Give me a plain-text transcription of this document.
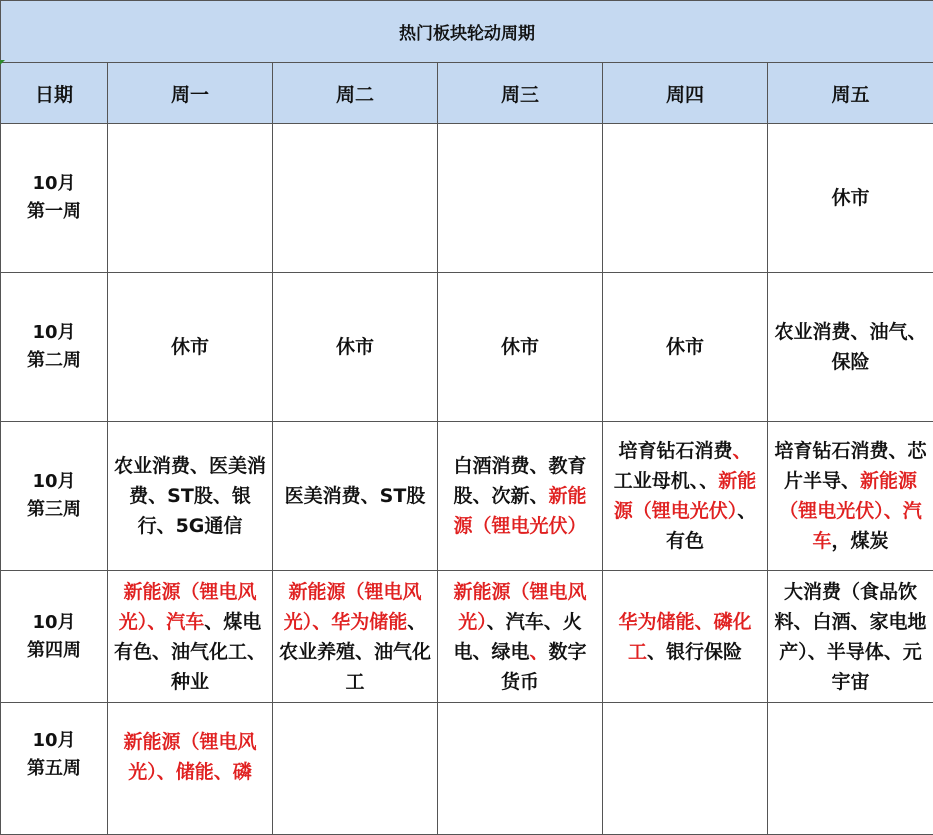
热门板块轮动周期					
日期	周一	周二	周三	周四	周五
10月
第一周					休市
10月
第二周	休市	休市	休市	休市	农业消费、油气、保险
10月
第三周	农业消费、医美消费、ST股、银行、5G通信	医美消费、ST股	白酒消费、教育股、次新、新能源（锂电光伏）	培育钻石消费、工业母机、、新能源（锂电光伏）、有色	培育钻石消费、芯片半导、新能源（锂电光伏）、汽车，煤炭
10月
第四周	新能源（锂电风光）、汽车、煤电有色、油气化工、种业	新能源（锂电风光）、华为储能、农业养殖、油气化工	新能源（锂电风光）、汽车、火电、绿电、数字货币	华为储能、磷化工、银行保险	大消费（食品饮料、白酒、家电地产）、半导体、元宇宙
10月
第五周	新能源（锂电风光）、储能、磷				
